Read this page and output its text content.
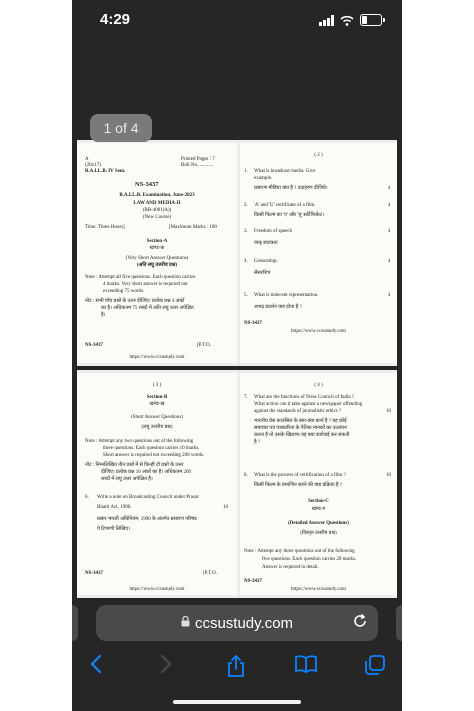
4:29
A
(20x17)
B.A.LL.B. IV Sem.
Printed Pages : 7
Roll No. ...........
NS-3437
B.A.LL.B. Examination, June-2023
LAW AND MEDIA-II
(BB-4001(A))
(New Course)
Time: Three Hours]	[Maximum Marks : 100
Section-A
खण्ड-क
(Very Short Answer Questions)
(अति लघु उत्तरीय प्रश्न)
Note : Attempt all five questions. Each question carries
4 marks. Very short answer is required not
exceeding 75 words.
नोट : सभी पाँच प्रश्नों के उत्तर दीजिए। प्रत्येक प्रश्न 4 अंकों
का है। अधिकतम 75 शब्दों में अति लघु उत्तर अपेक्षित
है।
NS-3437	[P.T.O.
https://www.ccsustudy.com
( 2 )
1. What is broadcast media. Give
example.
प्रसारण मीडिया क्या है ? उदाहरण दीजिये।	4
2. 'A' and 'U' certificate of a film.
किसी फिल्म का 'ए' और 'यू' सर्टिफिकेट।
4
3. Freedom of speech
वाक् स्वतंत्रता
4
4. Censorship.
सेंसरशिप
4
5. What is indecent representation.
अभद्र प्रदर्शन क्या होता है ?
4
NS-3437
https://www.ccsustudy.com
( 3 )
Section-B
खण्ड-ख
(Short Answer Questions)
(लघु उत्तरीय प्रश्न)
Note : Attempt any two questions out of the following
three questions. Each question carries 10 marks.
Short answer is required not exceeding 200 words.
नोट : निम्नलिखित तीन प्रश्नों में से किन्हीं दो प्रश्नों के उत्तर
दीजिए। प्रत्येक प्रश्न 10 अंकों का है। अधिकतम 200
शब्दों में लघु उत्तर अपेक्षित है।
6. Write a note on Broadcasting Council under Prasar
Bharti Act, 1990.	10
प्रसार भारती अधिनियम, 1990 के अंतर्गत प्रसारण परिषद
पे टिप्पणी लिखिए।
NS-3437	[P.T.O.
https://www.ccsustudy.com
( 4 )
7. What are the functions of Press Council of India ?
What action can it take against a newspaper offending
against the standards of journalistic ethics ?	10
भारतीय प्रेस काउंसिल के क्या-क्या कार्य है ? यह कोई
समाचार पत्र पत्रकारिता के नैतिक मानकों का उल्लंघन
करता है तो उसके खिलाफ यह क्या कार्रवाई कर सकती
है ?
8. What is the process of certification of a film ?	10
किसी फिल्म के प्रमाणित करने की क्या प्रक्रिया है ?
Section-C
खण्ड-ग
(Detailed Answer Questions)
(विस्तृत उत्तरीय प्रश्न)
Note : Attempt any three questions out of the following
five questions. Each question carries 20 marks.
Answer is required in detail.
NS-3437
https://www.ccsustudy.com
1 of 4
ccsustudy.com
